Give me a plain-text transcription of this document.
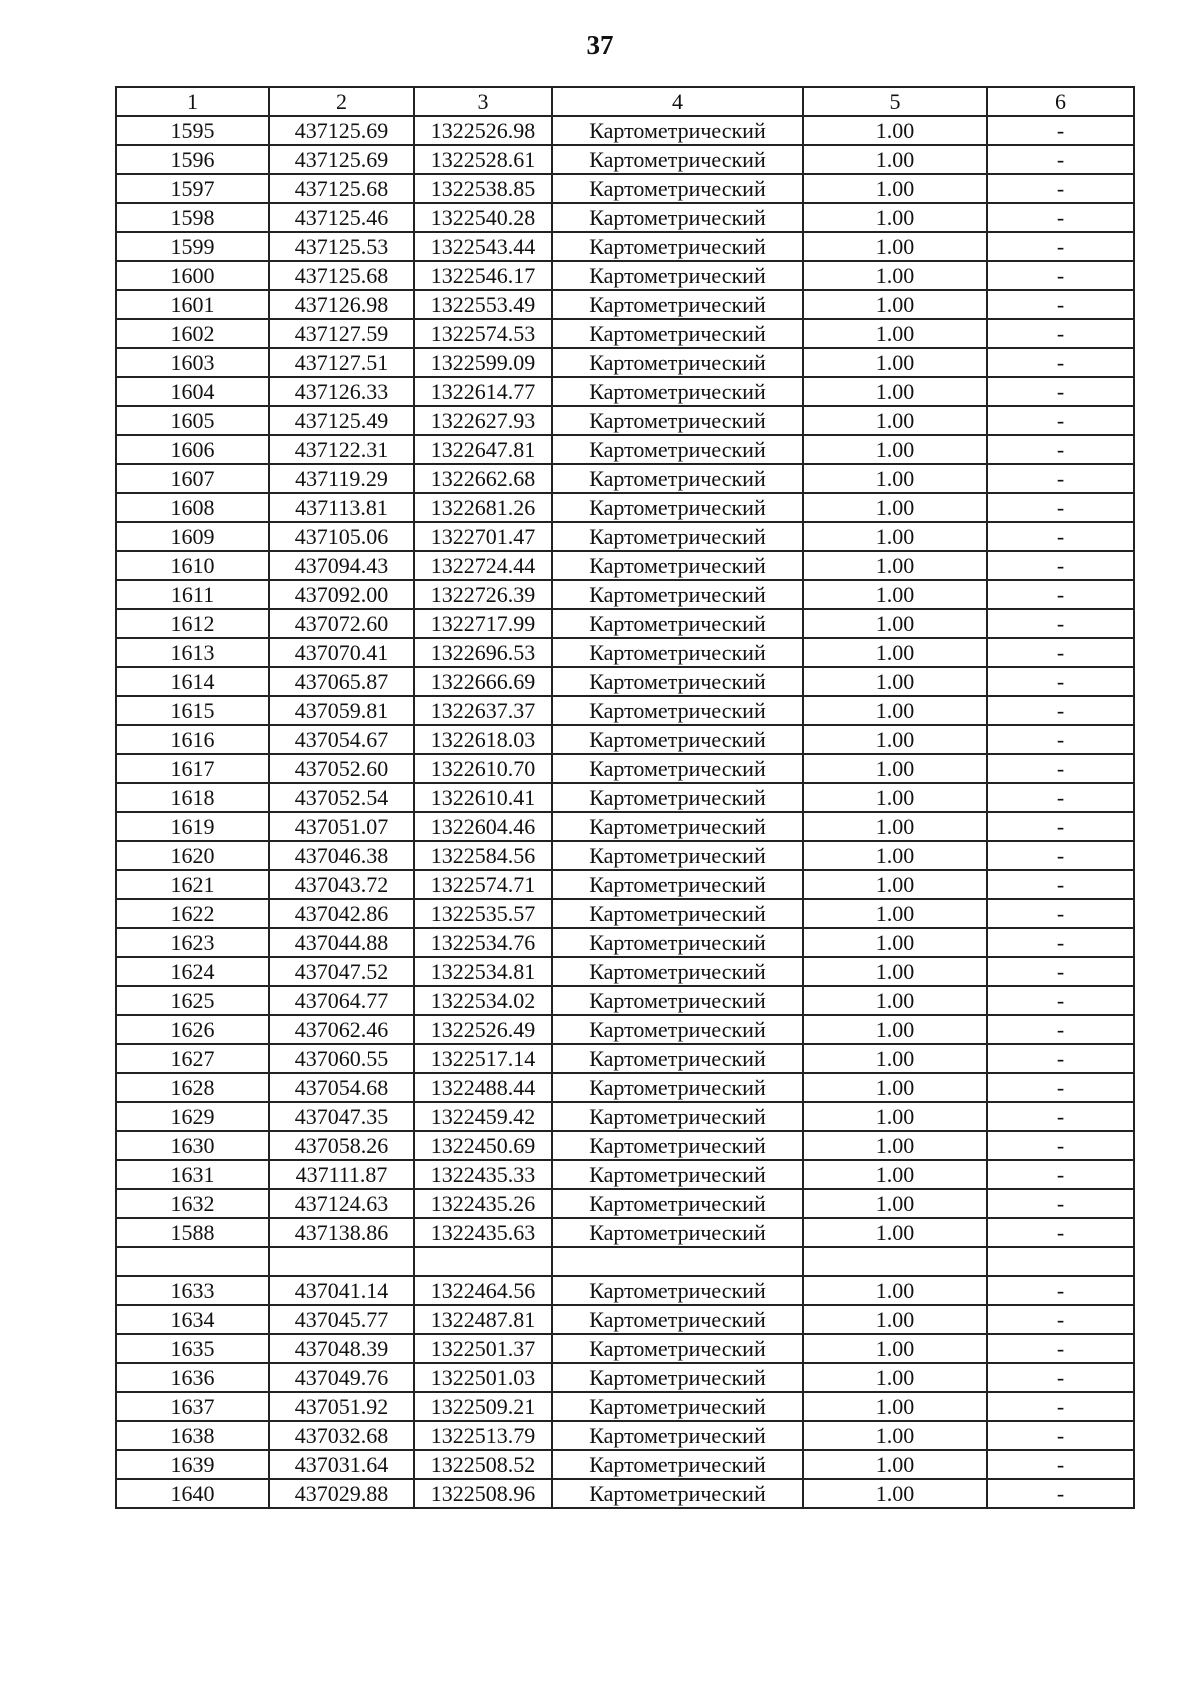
37
1	2	3	4	5	6
1595	437125.69	1322526.98	Картометрический	1.00	-
1596	437125.69	1322528.61	Картометрический	1.00	-
1597	437125.68	1322538.85	Картометрический	1.00	-
1598	437125.46	1322540.28	Картометрический	1.00	-
1599	437125.53	1322543.44	Картометрический	1.00	-
1600	437125.68	1322546.17	Картометрический	1.00	-
1601	437126.98	1322553.49	Картометрический	1.00	-
1602	437127.59	1322574.53	Картометрический	1.00	-
1603	437127.51	1322599.09	Картометрический	1.00	-
1604	437126.33	1322614.77	Картометрический	1.00	-
1605	437125.49	1322627.93	Картометрический	1.00	-
1606	437122.31	1322647.81	Картометрический	1.00	-
1607	437119.29	1322662.68	Картометрический	1.00	-
1608	437113.81	1322681.26	Картометрический	1.00	-
1609	437105.06	1322701.47	Картометрический	1.00	-
1610	437094.43	1322724.44	Картометрический	1.00	-
1611	437092.00	1322726.39	Картометрический	1.00	-
1612	437072.60	1322717.99	Картометрический	1.00	-
1613	437070.41	1322696.53	Картометрический	1.00	-
1614	437065.87	1322666.69	Картометрический	1.00	-
1615	437059.81	1322637.37	Картометрический	1.00	-
1616	437054.67	1322618.03	Картометрический	1.00	-
1617	437052.60	1322610.70	Картометрический	1.00	-
1618	437052.54	1322610.41	Картометрический	1.00	-
1619	437051.07	1322604.46	Картометрический	1.00	-
1620	437046.38	1322584.56	Картометрический	1.00	-
1621	437043.72	1322574.71	Картометрический	1.00	-
1622	437042.86	1322535.57	Картометрический	1.00	-
1623	437044.88	1322534.76	Картометрический	1.00	-
1624	437047.52	1322534.81	Картометрический	1.00	-
1625	437064.77	1322534.02	Картометрический	1.00	-
1626	437062.46	1322526.49	Картометрический	1.00	-
1627	437060.55	1322517.14	Картометрический	1.00	-
1628	437054.68	1322488.44	Картометрический	1.00	-
1629	437047.35	1322459.42	Картометрический	1.00	-
1630	437058.26	1322450.69	Картометрический	1.00	-
1631	437111.87	1322435.33	Картометрический	1.00	-
1632	437124.63	1322435.26	Картометрический	1.00	-
1588	437138.86	1322435.63	Картометрический	1.00	-

1633	437041.14	1322464.56	Картометрический	1.00	-
1634	437045.77	1322487.81	Картометрический	1.00	-
1635	437048.39	1322501.37	Картометрический	1.00	-
1636	437049.76	1322501.03	Картометрический	1.00	-
1637	437051.92	1322509.21	Картометрический	1.00	-
1638	437032.68	1322513.79	Картометрический	1.00	-
1639	437031.64	1322508.52	Картометрический	1.00	-
1640	437029.88	1322508.96	Картометрический	1.00	-
